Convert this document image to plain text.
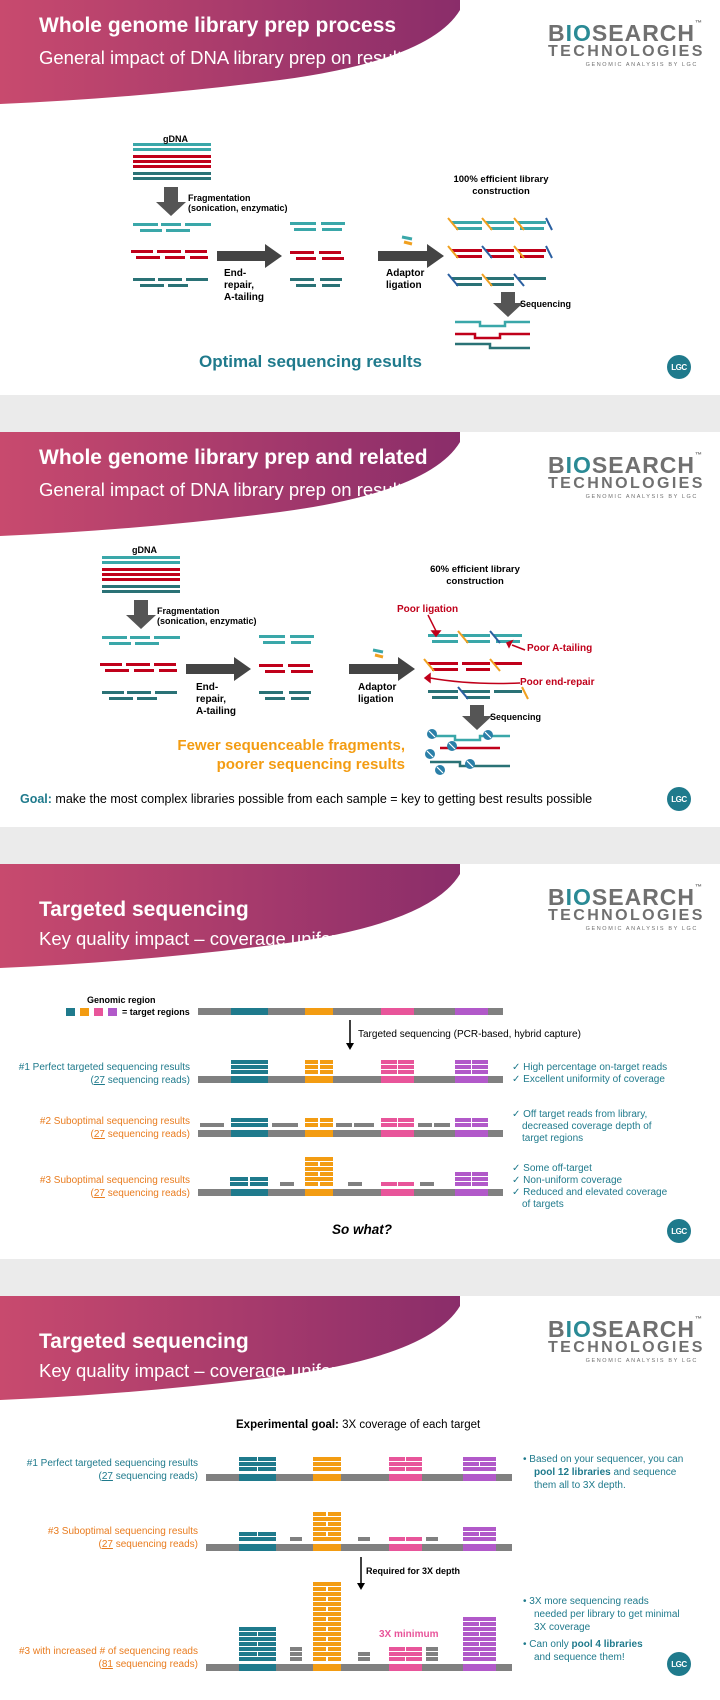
Whole genome library prep process
General impact of DNA library prep on results
BIOSEARCH™
TECHNOLOGIES
GENOMIC ANALYSIS BY LGC
gDNA
Fragmentation
(sonication, enzymatic)
End-
repair,
A-tailing
Adaptor
ligation
100% efficient library
construction
Sequencing
Optimal sequencing results	LGC
Whole genome library prep and related
General impact of DNA library prep on results
BIOSEARCH™
TECHNOLOGIES
GENOMIC ANALYSIS BY LGC
gDNA
Fragmentation
(sonication, enzymatic)
End-
repair,
A-tailing
Adaptor
ligation
60% efficient library
construction
Poor ligation
Poor A-tailing
Poor end-repair
Sequencing
Fewer sequenceable fragments,
poorer sequencing results
Goal: make the most complex libraries possible from each sample = key to getting best results possible	LGC
Targeted sequencing
Key quality impact – coverage uniformity
BIOSEARCH™
TECHNOLOGIES
GENOMIC ANALYSIS BY LGC
Genomic region
= target regions
Targeted sequencing (PCR-based, hybrid capture)
#1 Perfect targeted sequencing results
(27 sequencing reads)
#2 Suboptimal sequencing results
(27 sequencing reads)
#3 Suboptimal sequencing results
(27 sequencing reads)
✓ High percentage on-target reads
✓ Excellent uniformity of coverage
✓ Off target reads from library,
decreased coverage depth of
target regions
✓ Some off-target
✓ Non-uniform coverage
✓ Reduced and elevated coverage
of targets
So what?	LGC
Targeted sequencing
Key quality impact – coverage uniformity
BIOSEARCH™
TECHNOLOGIES
GENOMIC ANALYSIS BY LGC
Experimental goal: 3X coverage of each target
#1 Perfect targeted sequencing results
(27 sequencing reads)
#3 Suboptimal sequencing results
(27 sequencing reads)
#3 with increased # of sequencing reads
(81 sequencing reads)
• Based on your sequencer, you can
pool 12 libraries and sequence
them all to 3X depth.
Required for 3X depth
3X minimum
• 3X more sequencing reads
needed per library to get minimal
3X coverage
• Can only pool 4 libraries
and sequence them!
LGC
